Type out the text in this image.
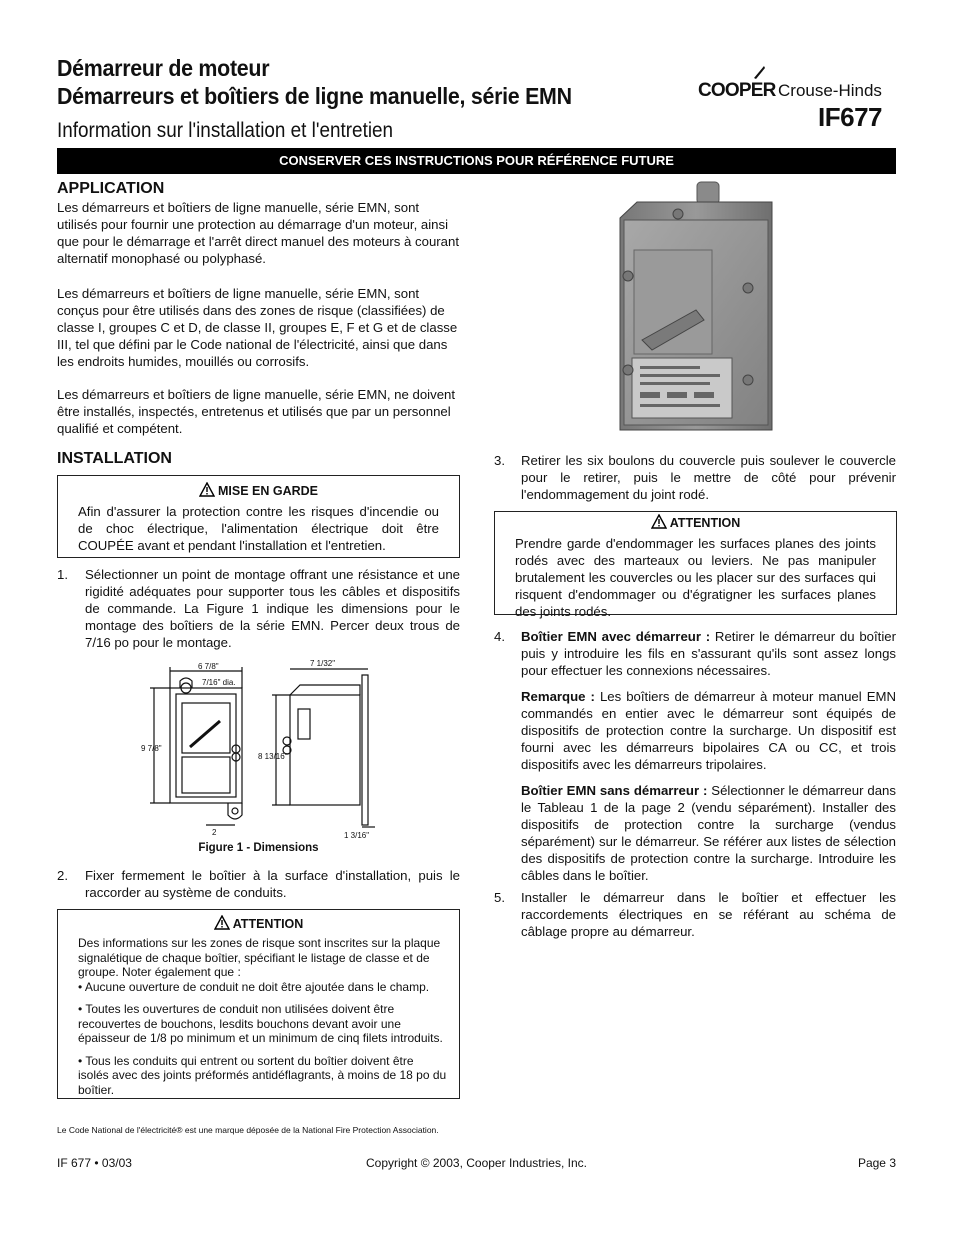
Démarreur de moteur
Démarreurs et boîtiers de ligne manuelle, série EMN
Information sur l'installation et l'entretien
COOPER Crouse-Hinds
IF677
CONSERVER CES INSTRUCTIONS POUR RÉFÉRENCE FUTURE
APPLICATION
Les démarreurs et boîtiers de ligne manuelle, série EMN, sont utilisés pour fournir une protection au démarrage d'un moteur, ainsi que pour le démarrage et l'arrêt direct manuel des moteurs à courant alternatif monophasé ou polyphasé.
Les démarreurs et boîtiers de ligne manuelle, série EMN, sont conçus pour être utilisés dans des zones de risque (classifiées) de classe I, groupes C et D, de classe II, groupes E, F et G et de classe III, tel que défini par le Code national de l'électricité, ainsi que dans les endroits humides, mouillés ou corrosifs.
Les démarreurs et boîtiers de ligne manuelle, série EMN, ne doivent être installés, inspectés, entretenus et utilisés que par un personnel qualifié et compétent.
INSTALLATION
MISE EN GARDE
Afin d'assurer la protection contre les risques d'incendie ou de choc électrique, l'alimentation électrique doit être COUPÉE avant et pendant l'installation et l'entretien.
1. Sélectionner un point de montage offrant une résistance et une rigidité adéquates pour supporter tous les câbles et dispositifs de commande. La Figure 1 indique les dimensions pour le montage des boîtiers de la série EMN. Percer deux trous de 7/16 po pour le montage.
6 7/8"
7/16" dia.
9 7/8"
2
7 1/32"
8 13/16"
1 3/16"
Figure 1 - Dimensions
2. Fixer fermement le boîtier à la surface d'installation, puis le raccorder au système de conduits.
ATTENTION
Des informations sur les zones de risque sont inscrites sur la plaque signalétique de chaque boîtier, spécifiant le listage de classe et de groupe. Noter également que :
• Aucune ouverture de conduit ne doit être ajoutée dans le champ.
• Toutes les ouvertures de conduit non utilisées doivent être recouvertes de bouchons, lesdits bouchons devant avoir une épaisseur de 1/8 po minimum et un minimum de cinq filets introduits.
• Tous les conduits qui entrent ou sortent du boîtier doivent être isolés avec des joints préformés antidéflagrants, à moins de 18 po du boîtier.
3. Retirer les six boulons du couvercle puis soulever le couvercle pour le retirer, puis le mettre de côté pour prévenir l'endommagement du joint rodé.
ATTENTION
Prendre garde d'endommager les surfaces planes des joints rodés avec des marteaux ou leviers. Ne pas manipuler brutalement les couvercles ou les placer sur des surfaces qui risquent d'endommager ou d'égratigner les surfaces planes des joints rodés.
4. Boîtier EMN avec démarreur : Retirer le démarreur du boîtier puis y introduire les fils en s'assurant qu'ils sont assez longs pour effectuer les connexions nécessaires.
Remarque : Les boîtiers de démarreur à moteur manuel EMN commandés en entier avec le démarreur sont équipés de dispositifs de protection contre la surcharge. Un dispositif est fourni avec les démarreurs bipolaires CA ou CC, et trois dispositifs avec les démarreurs tripolaires.
Boîtier EMN sans démarreur : Sélectionner le démarreur dans le Tableau 1 de la page 2 (vendu séparément). Installer des dispositifs de protection contre la surcharge (vendus séparément) sur le démarreur. Se référer aux listes de sélection des dispositifs de protection contre la surcharge. Introduire les câbles dans le boîtier.
5. Installer le démarreur dans le boîtier et effectuer les raccordements électriques en se référant au schéma de câblage propre au démarreur.
Le Code National de l'électricité® est une marque déposée de la National Fire Protection Association.
IF 677 • 03/03	Copyright © 2003, Cooper Industries, Inc.	Page 3
